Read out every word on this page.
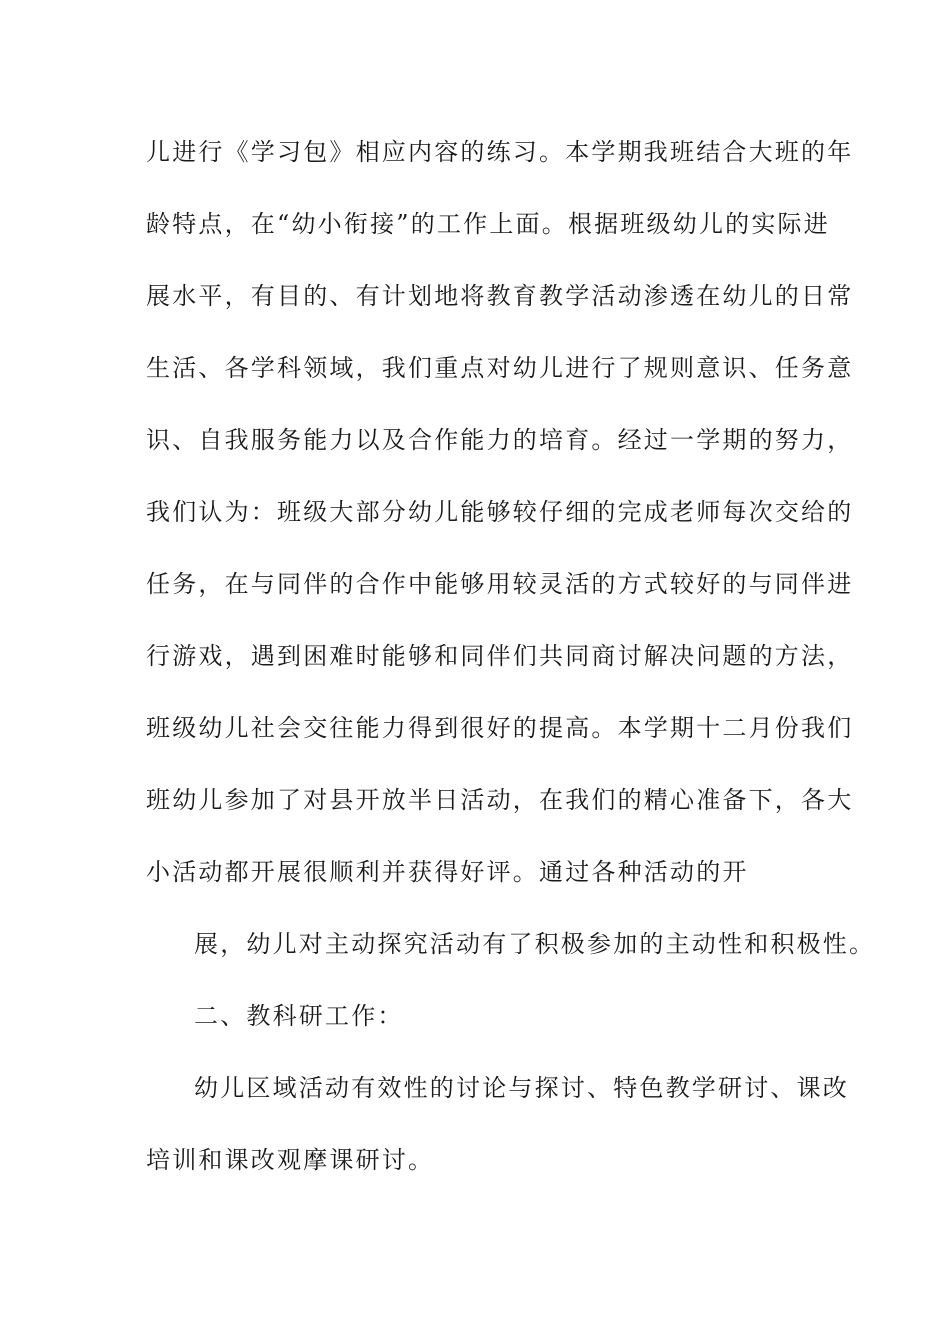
儿进行《学习包》相应内容的练习。本学期我班结合大班的年
龄特点，在“幼小衔接”的工作上面。根据班级幼儿的实际进
展水平，有目的、有计划地将教育教学活动渗透在幼儿的日常
生活、各学科领域，我们重点对幼儿进行了规则意识、任务意
识、自我服务能力以及合作能力的培育。经过一学期的努力，
我们认为：班级大部分幼儿能够较仔细的完成老师每次交给的
任务，在与同伴的合作中能够用较灵活的方式较好的与同伴进
行游戏，遇到困难时能够和同伴们共同商讨解决问题的方法，
班级幼儿社会交往能力得到很好的提高。本学期十二月份我们
班幼儿参加了对县开放半日活动，在我们的精心准备下，各大
小活动都开展很顺利并获得好评。通过各种活动的开
展，幼儿对主动探究活动有了积极参加的主动性和积极性。
二、教科研工作：
幼儿区域活动有效性的讨论与探讨、特色教学研讨、课改
培训和课改观摩课研讨。
